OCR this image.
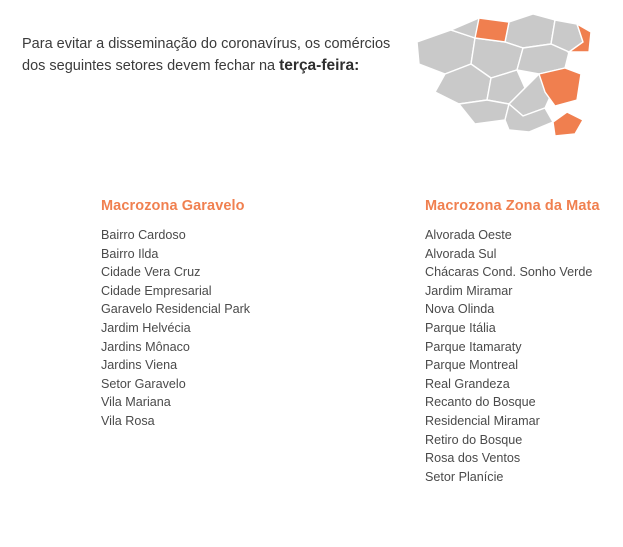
Para evitar a disseminação do coronavírus, os comércios
dos seguintes setores devem fechar na terça-feira:

Macrozona Garavelo
Bairro Cardoso
Bairro Ilda
Cidade Vera Cruz
Cidade Empresarial
Garavelo Residencial Park
Jardim Helvécia
Jardins Mônaco
Jardins Viena
Setor Garavelo
Vila Mariana
Vila Rosa
Macrozona Zona da Mata
Alvorada Oeste
Alvorada Sul
Chácaras Cond. Sonho Verde
Jardim Miramar
Nova Olinda
Parque Itália
Parque Itamaraty
Parque Montreal
Real Grandeza
Recanto do Bosque
Residencial Miramar
Retiro do Bosque
Rosa dos Ventos
Setor Planície
